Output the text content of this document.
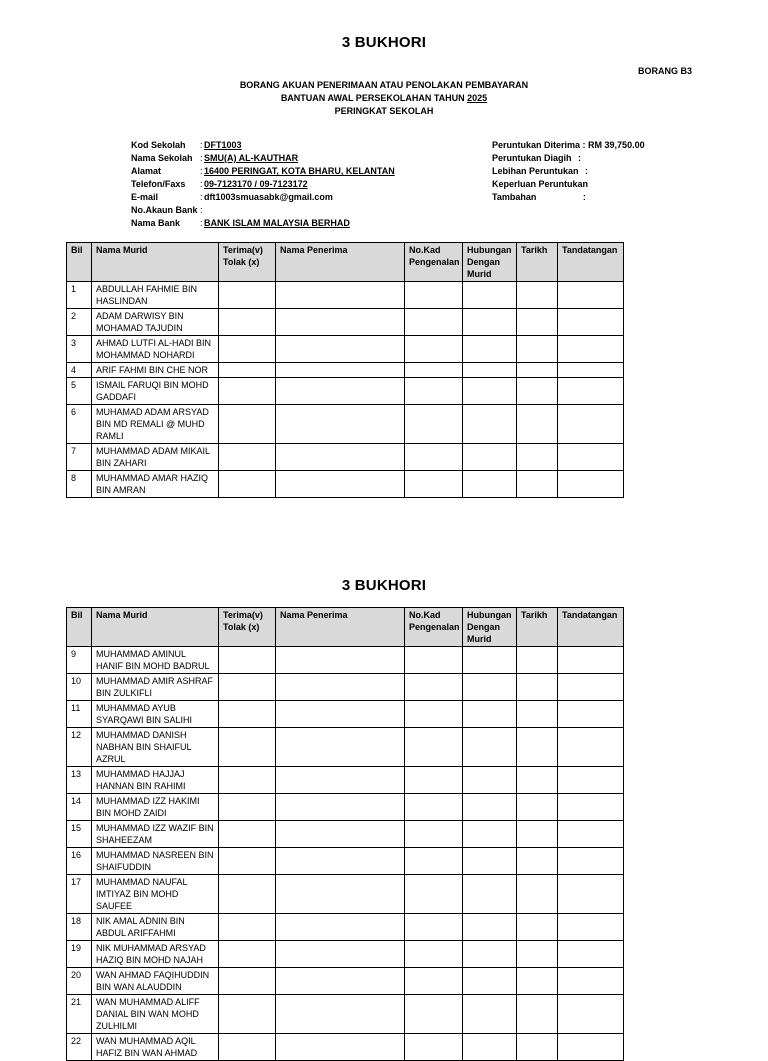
3 BUKHORI
BORANG B3
BORANG AKUAN PENERIMAAN ATAU PENOLAKAN PEMBAYARAN
BANTUAN AWAL PERSEKOLAHAN TAHUN 2025
PERINGKAT SEKOLAH
Kod Sekolah : DFT1003
Nama Sekolah : SMU(A) AL-KAUTHAR
Alamat	: 16400 PERINGAT, KOTA BHARU, KELANTAN
Telefon/Faxs : 09-7123170 / 09-7123172
E-mail	: dft1003smuasabk@gmail.com
No.Akaun Bank :
Nama Bank : BANK ISLAM MALAYSIA BERHAD
Peruntukan Diterima : RM 39,750.00
Peruntukan Diagih :
Lebihan Peruntukan :
Keperluan Peruntukan
Tambahan	:
Bil	Nama Murid	Terima(v) Tolak (x)	Nama Penerima	No.Kad Pengenalan	Hubungan Dengan Murid	Tarikh	Tandatangan
1	ABDULLAH FAHMIE BIN HASLINDAN						
2	ADAM DARWISY BIN MOHAMAD TAJUDIN						
3	AHMAD LUTFI AL-HADI BIN MOHAMMAD NOHARDI						
4	ARIF FAHMI BIN CHE NOR						
5	ISMAIL FARUQI BIN MOHD GADDAFI						
6	MUHAMAD ADAM ARSYAD BIN MD REMALI @ MUHD RAMLI						
7	MUHAMMAD ADAM MIKAIL BIN ZAHARI						
8	MUHAMMAD AMAR HAZIQ BIN AMRAN						
3 BUKHORI
Bil	Nama Murid	Terima(v) Tolak (x)	Nama Penerima	No.Kad Pengenalan	Hubungan Dengan Murid	Tarikh	Tandatangan
9	MUHAMMAD AMINUL HANIF BIN MOHD BADRUL						
10	MUHAMMAD AMIR ASHRAF BIN ZULKIFLI						
11	MUHAMMAD AYUB SYARQAWI BIN SALIHI						
12	MUHAMMAD DANISH NABHAN BIN SHAIFUL AZRUL						
13	MUHAMMAD HAJJAJ HANNAN BIN RAHIMI						
14	MUHAMMAD IZZ HAKIMI BIN MOHD ZAIDI						
15	MUHAMMAD IZZ WAZIF BIN SHAHEEZAM						
16	MUHAMMAD NASREEN BIN SHAIFUDDIN						
17	MUHAMMAD NAUFAL IMTIYAZ BIN MOHD SAUFEE						
18	NIK AMAL ADNIN BIN ABDUL ARIFFAHMI						
19	NIK MUHAMMAD ARSYAD HAZIQ BIN MOHD NAJAH						
20	WAN AHMAD FAQIHUDDIN BIN WAN ALAUDDIN						
21	WAN MUHAMMAD ALIFF DANIAL BIN WAN MOHD ZULHILMI						
22	WAN MUHAMMAD AQIL HAFIZ BIN WAN AHMAD						
